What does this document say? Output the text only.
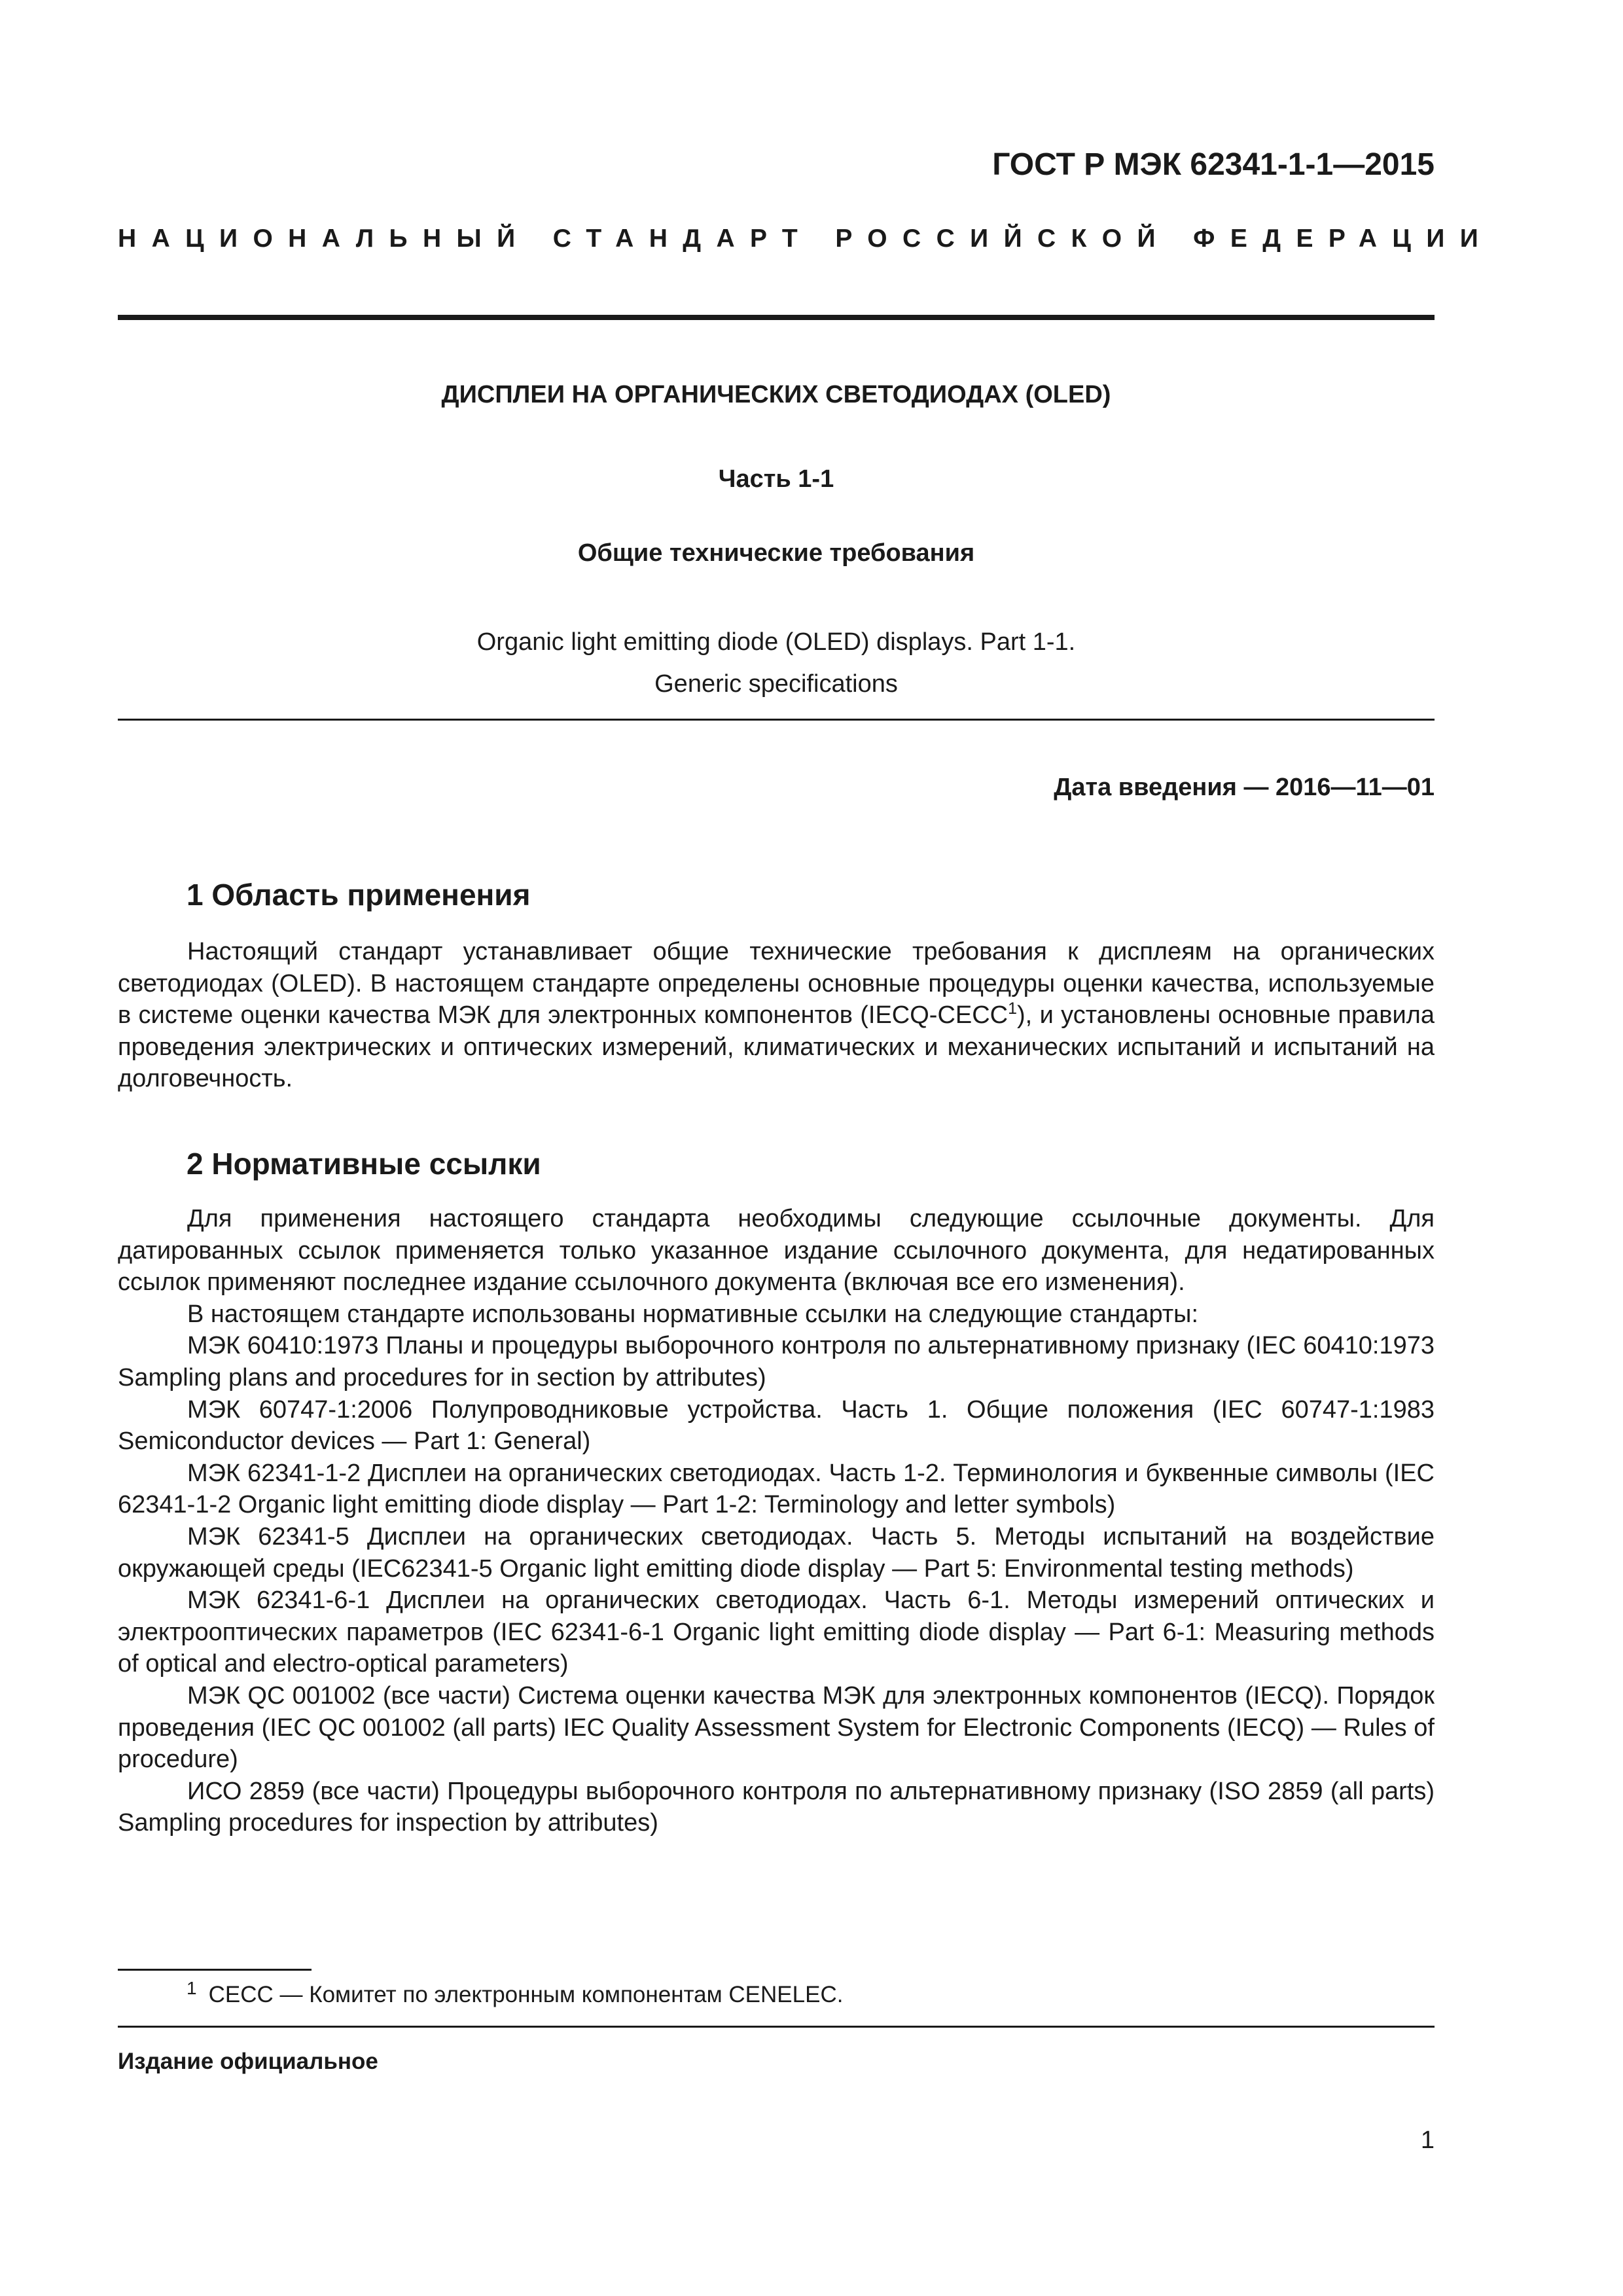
ГОСТ Р МЭК 62341-1-1—2015
НАЦИОНАЛЬНЫЙ СТАНДАРТ РОССИЙСКОЙ ФЕДЕРАЦИИ
ДИСПЛЕИ НА ОРГАНИЧЕСКИХ СВЕТОДИОДАХ (OLED)
Часть 1-1
Общие технические требования
Organic light emitting diode (OLED) displays. Part 1-1.
Generic specifications
Дата введения — 2016—11—01
1 Область применения

Настоящий стандарт устанавливает общие технические требования к дисплеям на органических светодиодах (OLED). В настоящем стандарте определены основные процедуры оценки качества, используемые в системе оценки качества МЭК для электронных компонентов (IECQ-CECC$^1$), и установлены основные правила проведения электрических и оптических измерений, климатических и механических испытаний и испытаний на долговечность.

2 Нормативные ссылки

Для применения настоящего стандарта необходимы следующие ссылочные документы. Для датированных ссылок применяется только указанное издание ссылочного документа, для недатированных ссылок применяют последнее издание ссылочного документа (включая все его изменения).

В настоящем стандарте использованы нормативные ссылки на следующие стандарты:

МЭК 60410:1973 Планы и процедуры выборочного контроля по альтернативному признаку (IEC 60410:1973 Sampling plans and procedures for in section by attributes)

МЭК 60747-1:2006 Полупроводниковые устройства. Часть 1. Общие положения (IEC 60747-1:1983 Semiconductor devices — Part 1: General)

МЭК 62341-1-2 Дисплеи на органических светодиодах. Часть 1-2. Терминология и буквенные символы (IEC 62341-1-2 Organic light emitting diode display — Part 1-2: Terminology and letter symbols)

МЭК 62341-5 Дисплеи на органических светодиодах. Часть 5. Методы испытаний на воздействие окружающей среды (IEC62341-5 Organic light emitting diode display — Part 5: Environmental testing methods)

МЭК 62341-6-1 Дисплеи на органических светодиодах. Часть 6-1. Методы измерений оптических и электрооптических параметров (IEC 62341-6-1 Organic light emitting diode display — Part 6-1: Measuring methods of optical and electro-optical parameters)

МЭК QC 001002 (все части) Система оценки качества МЭК для электронных компонентов (IECQ). Порядок проведения (IEC QC 001002 (all parts) IEC Quality Assessment System for Electronic Components (IECQ) — Rules of procedure)

ИСО 2859 (все части) Процедуры выборочного контроля по альтернативному признаку (ISO 2859 (all parts) Sampling procedures for inspection by attributes)

$^1$ CECC — Комитет по электронным компонентам CENELEC.
Издание официальное
1
